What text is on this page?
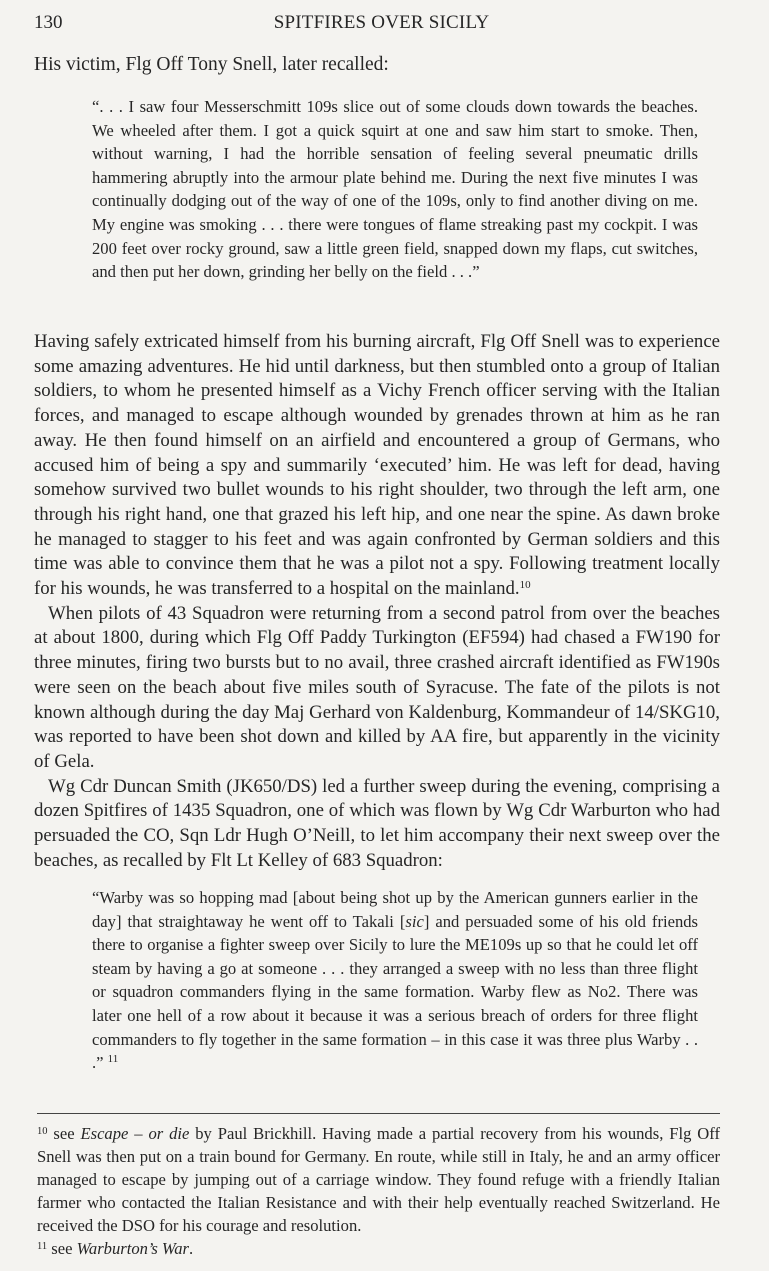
130	SPITFIRES OVER SICILY
His victim, Flg Off Tony Snell, later recalled:

“. . . I saw four Messerschmitt 109s slice out of some clouds down towards the beaches. We wheeled after them. I got a quick squirt at one and saw him start to smoke. Then, without warning, I had the horrible sensation of feeling several pneumatic drills hammering abruptly into the armour plate behind me. During the next five minutes I was continually dodging out of the way of one of the 109s, only to find another diving on me. My engine was smoking . . . there were tongues of flame streaking past my cockpit. I was 200 feet over rocky ground, saw a little green field, snapped down my flaps, cut switches, and then put her down, grinding her belly on the field . . .”

Having safely extricated himself from his burning aircraft, Flg Off Snell was to experience some amazing adventures. He hid until darkness, but then stumbled onto a group of Italian soldiers, to whom he presented himself as a Vichy French officer serving with the Italian forces, and managed to escape although wounded by grenades thrown at him as he ran away. He then found himself on an airfield and encountered a group of Germans, who accused him of being a spy and summarily ‘executed’ him. He was left for dead, having somehow survived two bullet wounds to his right shoulder, two through the left arm, one through his right hand, one that grazed his left hip, and one near the spine. As dawn broke he managed to stagger to his feet and was again confronted by German soldiers and this time was able to convince them that he was a pilot not a spy. Following treatment locally for his wounds, he was transferred to a hospital on the mainland.$^{10}$

When pilots of 43 Squadron were returning from a second patrol from over the beaches at about 1800, during which Flg Off Paddy Turkington (EF594) had chased a FW190 for three minutes, firing two bursts but to no avail, three crashed aircraft identified as FW190s were seen on the beach about five miles south of Syracuse. The fate of the pilots is not known although during the day Maj Gerhard von Kaldenburg, Kommandeur of 14/SKG10, was reported to have been shot down and killed by AA fire, but apparently in the vicinity of Gela.

Wg Cdr Duncan Smith (JK650/DS) led a further sweep during the evening, comprising a dozen Spitfires of 1435 Squadron, one of which was flown by Wg Cdr Warburton who had persuaded the CO, Sqn Ldr Hugh O’Neill, to let him accompany their next sweep over the beaches, as recalled by Flt Lt Kelley of 683 Squadron:

“Warby was so hopping mad [about being shot up by the American gunners earlier in the day] that straightaway he went off to Takali [sic] and persuaded some of his old friends there to organise a fighter sweep over Sicily to lure the ME109s up so that he could let off steam by having a go at someone . . . they arranged a sweep with no less than three flight or squadron commanders flying in the same formation. Warby flew as No2. There was later one hell of a row about it because it was a serious breach of orders for three flight commanders to fly together in the same formation – in this case it was three plus Warby . . .” $^{11}$

$^{10}$ see Escape – or die by Paul Brickhill. Having made a partial recovery from his wounds, Flg Off Snell was then put on a train bound for Germany. En route, while still in Italy, he and an army officer managed to escape by jumping out of a carriage window. They found refuge with a friendly Italian farmer who contacted the Italian Resistance and with their help eventually reached Switzerland. He received the DSO for his courage and resolution.

$^{11}$ see Warburton’s War.
